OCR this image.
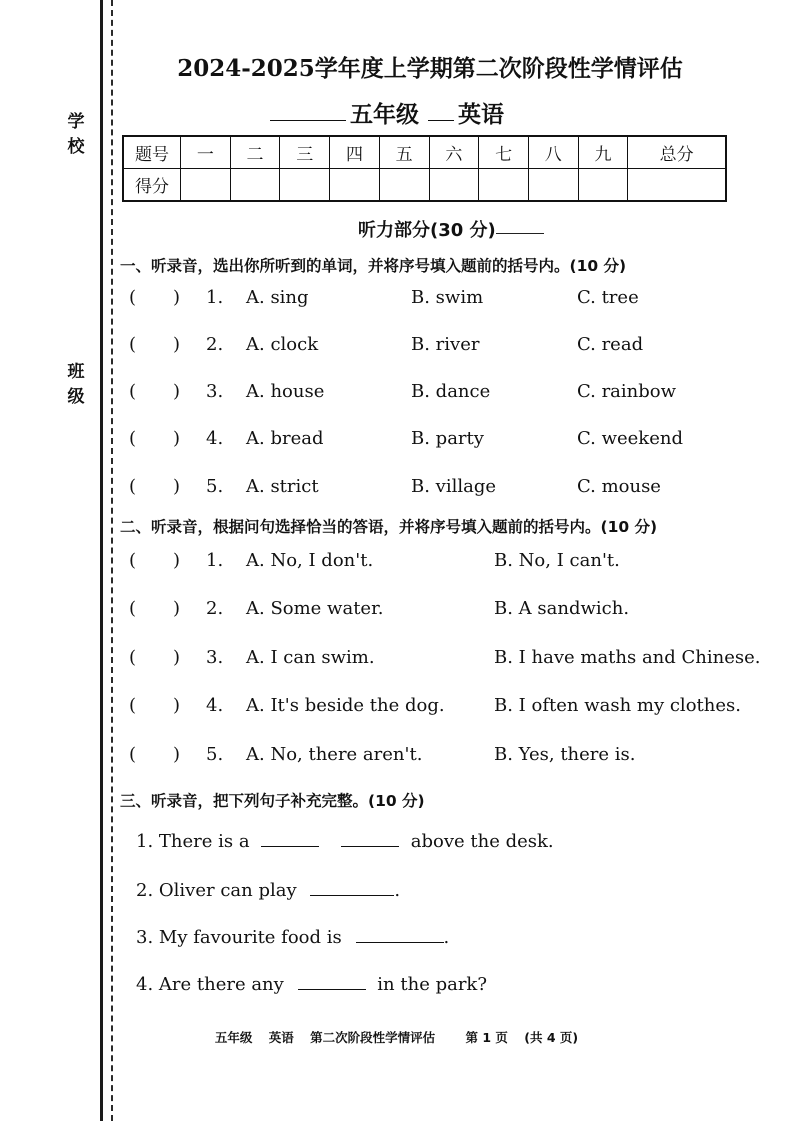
学校
班级
2024-2025学年度上学期第二次阶段性学情评估
五年级 英语
题号	一	二	三	四	五	六	七	八	九	总分
得分										
听力部分(30 分)
一、听录音，选出你所听到的单词，并将序号填入题前的括号内。(10 分)
( ) 1. A. sing	B. swim	C. tree
( ) 2. A. clock	B. river	C. read
( ) 3. A. house	B. dance	C. rainbow
( ) 4. A. bread	B. party	C. weekend
( ) 5. A. strict	B. village	C. mouse
二、听录音，根据问句选择恰当的答语，并将序号填入题前的括号内。(10 分)
( ) 1. A. No, I don't.	B. No, I can't.
( ) 2. A. Some water.	B. A sandwich.
( ) 3. A. I can swim.	B. I have maths and Chinese.
( ) 4. A. It's beside the dog.	B. I often wash my clothes.
( ) 5. A. No, there aren't.	B. Yes, there is.
三、听录音，把下列句子补充完整。(10 分)
1. There is a	above the desk.
2. Oliver can play	.
3. My favourite food is	.
4. Are there any	in the park?
五年级 英语 第二次阶段性学情评估 第 1 页 (共 4 页)
